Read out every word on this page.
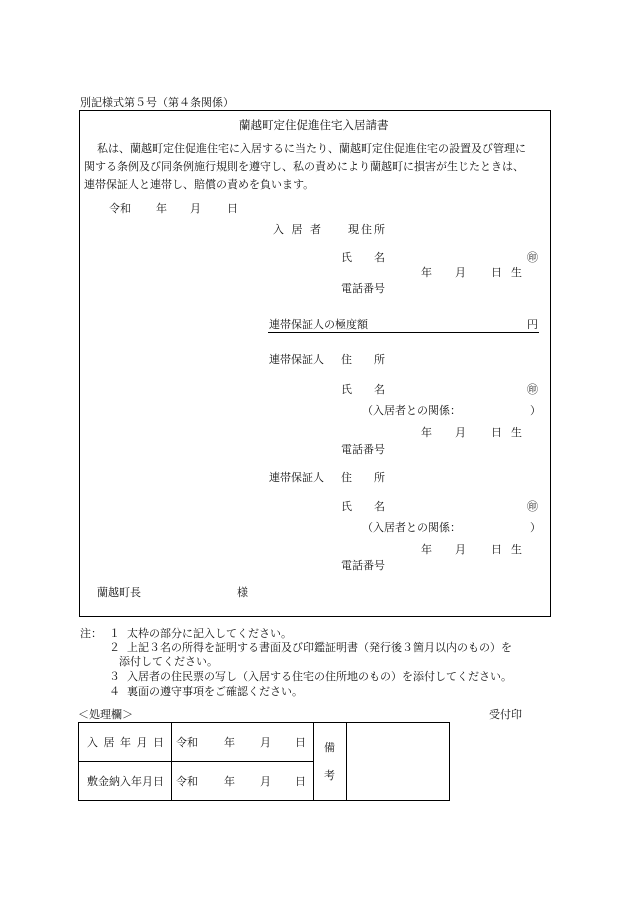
別記様式第５号（第４条関係）
蘭越町定住促進住宅入居請書
私は、蘭越町定住促進住宅に入居するに当たり、蘭越町定住促進住宅の設置及び管理に
関する条例及び同条例施行規則を遵守し、私の責めにより蘭越町に損害が生じたときは、
連帯保証人と連帯し、賠償の責めを負います。
令和 年 月 日
入 居 者 現住所
氏　　名	㊞
年 月 日 生
電話番号
連帯保証人の極度額	円
連帯保証人 住　　所
氏　　名	㊞
（入居者との関係：	）
年 月 日 生
電話番号
連帯保証人 住　　所
氏　　名	㊞
（入居者との関係：	）
年 月 日 生
電話番号
蘭越町長	様
注： １ 太枠の部分に記入してください。
２ 上記３名の所得を証明する書面及び印鑑証明書（発行後３箇月以内のもの）を
添付してください。
３ 入居者の住民票の写し（入居する住宅の住所地のもの）を添付してください。
４ 裏面の遵守事項をご確認ください。
＜処理欄＞	受付印
入 居 年 月 日	令和 年 月 日	備
考	

敷金納入年月日	令和 年 月 日		
